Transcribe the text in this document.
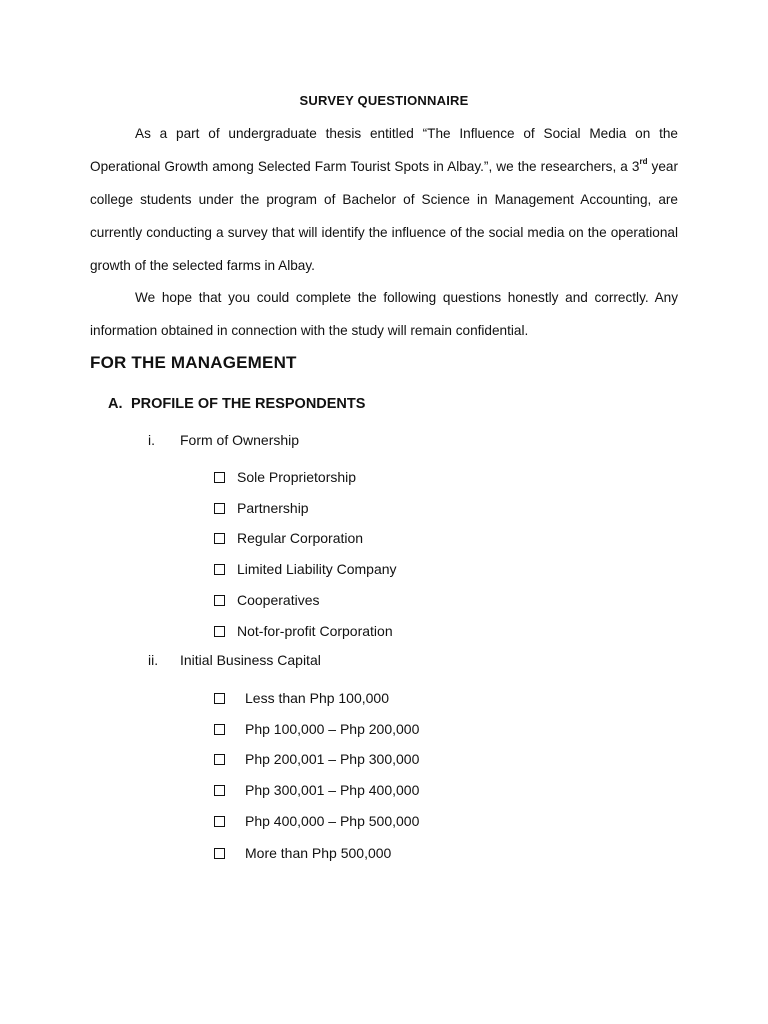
SURVEY QUESTIONNAIRE
As a part of undergraduate thesis entitled “The Influence of Social Media on the Operational Growth among Selected Farm Tourist Spots in Albay.”, we the researchers, a 3rd year college students under the program of Bachelor of Science in Management Accounting, are currently conducting a survey that will identify the influence of the social media on the operational growth of the selected farms in Albay.
We hope that you could complete the following questions honestly and correctly. Any information obtained in connection with the study will remain confidential.
FOR THE MANAGEMENT
A. PROFILE OF THE RESPONDENTS
i. Form of Ownership
Sole Proprietorship
Partnership
Regular Corporation
Limited Liability Company
Cooperatives
Not-for-profit Corporation
ii. Initial Business Capital
Less than Php 100,000
Php 100,000 – Php 200,000
Php 200,001 – Php 300,000
Php 300,001 – Php 400,000
Php 400,000 – Php 500,000
More than Php 500,000
